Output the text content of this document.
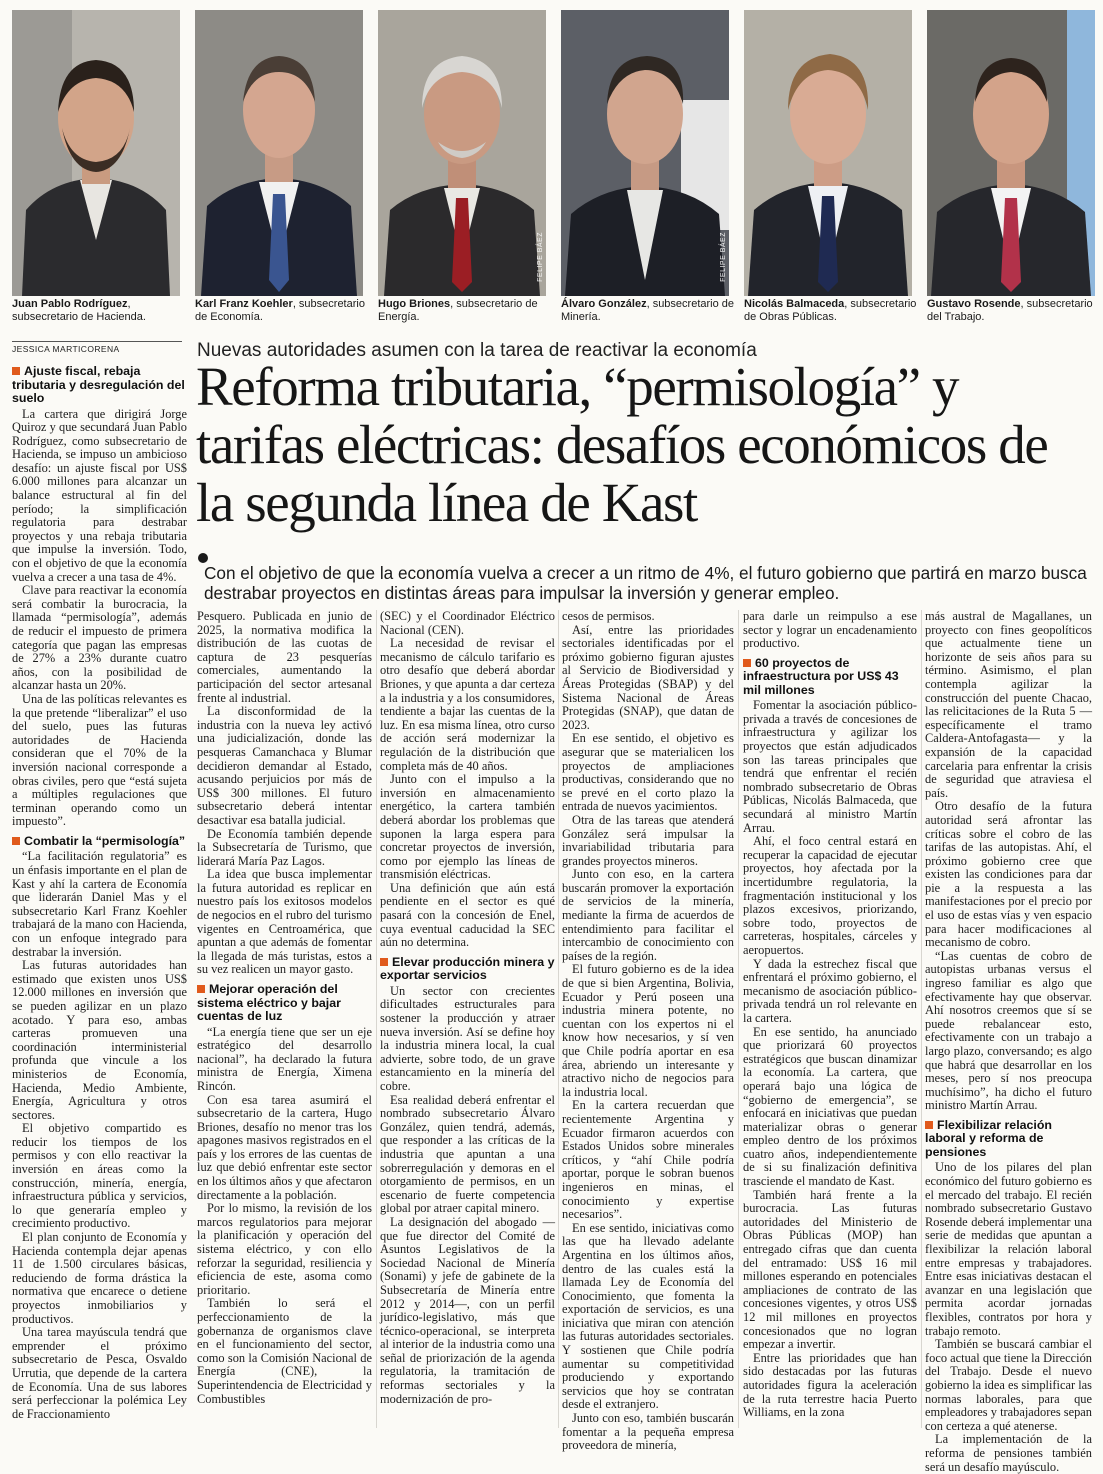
FELIPE BÁEZ	FELIPE BÁEZ
Juan Pablo Rodríguez, subsecretario de Hacienda.
Karl Franz Koehler, subsecretario de Economía.
Hugo Briones, subsecretario de Energía.
Álvaro González, subsecretario de Minería.
Nicolás Balmaceda, subsecretario de Obras Públicas.
Gustavo Rosende, subsecretario del Trabajo.
JESSICA MARTICORENA	Nuevas autoridades asumen con la tarea de reactivar la economía
Reforma tributaria, “permisología” y tarifas eléctricas: desafíos económicos de la segunda línea de Kast
Con el objetivo de que la economía vuelva a crecer a un ritmo de 4%, el futuro gobierno que partirá en marzo busca destrabar proyectos en distintas áreas para impulsar la inversión y generar empleo.
Ajuste fiscal, rebaja tributaria y desregulación del suelo

La cartera que dirigirá Jorge Quiroz y que secundará Juan Pablo Rodríguez, como subsecretario de Hacienda, se impuso un ambicioso desafío: un ajuste fiscal por US$ 6.000 millones para alcanzar un balance estructural al fin del período; la simplificación regulatoria para destrabar proyectos y una rebaja tributaria que impulse la inversión. Todo, con el objetivo de que la economía vuelva a crecer a una tasa de 4%.

Clave para reactivar la economía será combatir la burocracia, la llamada “permisología”, además de reducir el impuesto de primera categoría que pagan las empresas de 27% a 23% durante cuatro años, con la posibilidad de alcanzar hasta un 20%.

Una de las políticas relevantes es la que pretende “liberalizar” el uso del suelo, pues las futuras autoridades de Hacienda consideran que el 70% de la inversión nacional corresponde a obras civiles, pero que “está sujeta a múltiples regulaciones que terminan operando como un impuesto”.

Combatir la “permisología”

“La facilitación regulatoria” es un énfasis importante en el plan de Kast y ahí la cartera de Economía que liderarán Daniel Mas y el subsecretario Karl Franz Koehler trabajará de la mano con Hacienda, con un enfoque integrado para destrabar la inversión.

Las futuras autoridades han estimado que existen unos US$ 12.000 millones en inversión que se pueden agilizar en un plazo acotado. Y para eso, ambas carteras promueven una coordinación interministerial profunda que vincule a los ministerios de Economía, Hacienda, Medio Ambiente, Energía, Agricultura y otros sectores.

El objetivo compartido es reducir los tiempos de los permisos y con ello reactivar la inversión en áreas como la construcción, minería, energía, infraestructura pública y servicios, lo que generaría empleo y crecimiento productivo.

El plan conjunto de Economía y Hacienda contempla dejar apenas 11 de 1.500 circulares básicas, reduciendo de forma drástica la normativa que encarece o detiene proyectos inmobiliarios y productivos.

Una tarea mayúscula tendrá que emprender el próximo subsecretario de Pesca, Osvaldo Urrutia, que depende de la cartera de Economía. Una de sus labores será perfeccionar la polémica Ley de Fraccionamiento

Pesquero. Publicada en junio de 2025, la normativa modifica la distribución de las cuotas de captura de 23 pesquerías comerciales, aumentando la participación del sector artesanal frente al industrial.

La disconformidad de la industria con la nueva ley activó una judicialización, donde las pesqueras Camanchaca y Blumar decidieron demandar al Estado, acusando perjuicios por más de US$ 300 millones. El futuro subsecretario deberá intentar desactivar esa batalla judicial.

De Economía también depende la Subsecretaría de Turismo, que liderará María Paz Lagos.

La idea que busca implementar la futura autoridad es replicar en nuestro país los exitosos modelos de negocios en el rubro del turismo vigentes en Centroamérica, que apuntan a que además de fomentar la llegada de más turistas, estos a su vez realicen un mayor gasto.

Mejorar operación del sistema eléctrico y bajar cuentas de luz

“La energía tiene que ser un eje estratégico del desarrollo nacional”, ha declarado la futura ministra de Energía, Ximena Rincón.

Con esa tarea asumirá el subsecretario de la cartera, Hugo Briones, desafío no menor tras los apagones masivos registrados en el país y los errores de las cuentas de luz que debió enfrentar este sector en los últimos años y que afectaron directamente a la población.

Por lo mismo, la revisión de los marcos regulatorios para mejorar la planificación y operación del sistema eléctrico, y con ello reforzar la seguridad, resiliencia y eficiencia de este, asoma como prioritario.

También lo será el perfeccionamiento de la gobernanza de organismos clave en el funcionamiento del sector, como son la Comisión Nacional de Energía (CNE), la Superintendencia de Electricidad y Combustibles

(SEC) y el Coordinador Eléctrico Nacional (CEN).

La necesidad de revisar el mecanismo de cálculo tarifario es otro desafío que deberá abordar Briones, y que apunta a dar certeza a la industria y a los consumidores, tendiente a bajar las cuentas de la luz. En esa misma línea, otro curso de acción será modernizar la regulación de la distribución que completa más de 40 años.

Junto con el impulso a la inversión en almacenamiento energético, la cartera también deberá abordar los problemas que suponen la larga espera para concretar proyectos de inversión, como por ejemplo las líneas de transmisión eléctricas.

Una definición que aún está pendiente en el sector es qué pasará con la concesión de Enel, cuya eventual caducidad la SEC aún no determina.

Elevar producción minera y exportar servicios

Un sector con crecientes dificultades estructurales para sostener la producción y atraer nueva inversión. Así se define hoy la industria minera local, la cual advierte, sobre todo, de un grave estancamiento en la minería del cobre.

Esa realidad deberá enfrentar el nombrado subsecretario Álvaro González, quien tendrá, además, que responder a las críticas de la industria que apuntan a una sobrerregulación y demoras en el otorgamiento de permisos, en un escenario de fuerte competencia global por atraer capital minero.

La designación del abogado —que fue director del Comité de Asuntos Legislativos de la Sociedad Nacional de Minería (Sonami) y jefe de gabinete de la Subsecretaría de Minería entre 2012 y 2014—, con un perfil jurídico-legislativo, más que técnico-operacional, se interpreta al interior de la industria como una señal de priorización de la agenda regulatoria, la tramitación de reformas sectoriales y la modernización de pro-

cesos de permisos.

Así, entre las prioridades sectoriales identificadas por el próximo gobierno figuran ajustes al Servicio de Biodiversidad y Áreas Protegidas (SBAP) y del Sistema Nacional de Áreas Protegidas (SNAP), que datan de 2023.

En ese sentido, el objetivo es asegurar que se materialicen los proyectos de ampliaciones productivas, considerando que no se prevé en el corto plazo la entrada de nuevos yacimientos.

Otra de las tareas que atenderá González será impulsar la invariabilidad tributaria para grandes proyectos mineros.

Junto con eso, en la cartera buscarán promover la exportación de servicios de la minería, mediante la firma de acuerdos de entendimiento para facilitar el intercambio de conocimiento con países de la región.

El futuro gobierno es de la idea de que si bien Argentina, Bolivia, Ecuador y Perú poseen una industria minera potente, no cuentan con los expertos ni el know how necesarios, y sí ven que Chile podría aportar en esa área, abriendo un interesante y atractivo nicho de negocios para la industria local.

En la cartera recuerdan que recientemente Argentina y Ecuador firmaron acuerdos con Estados Unidos sobre minerales críticos, y “ahí Chile podría aportar, porque le sobran buenos ingenieros en minas, el conocimiento y expertise necesarios”.

En ese sentido, iniciativas como las que ha llevado adelante Argentina en los últimos años, dentro de las cuales está la llamada Ley de Economía del Conocimiento, que fomenta la exportación de servicios, es una iniciativa que miran con atención las futuras autoridades sectoriales. Y sostienen que Chile podría aumentar su competitividad produciendo y exportando servicios que hoy se contratan desde el extranjero.

Junto con eso, también buscarán fomentar a la pequeña empresa proveedora de minería,

para darle un reimpulso a ese sector y lograr un encadenamiento productivo.

60 proyectos de infraestructura por US$ 43 mil millones

Fomentar la asociación público-privada a través de concesiones de infraestructura y agilizar los proyectos que están adjudicados son las tareas principales que tendrá que enfrentar el recién nombrado subsecretario de Obras Públicas, Nicolás Balmaceda, que secundará al ministro Martín Arrau.

Ahí, el foco central estará en recuperar la capacidad de ejecutar proyectos, hoy afectada por la incertidumbre regulatoria, la fragmentación institucional y los plazos excesivos, priorizando, sobre todo, proyectos de carreteras, hospitales, cárceles y aeropuertos.

Y dada la estrechez fiscal que enfrentará el próximo gobierno, el mecanismo de asociación público-privada tendrá un rol relevante en la cartera.

En ese sentido, ha anunciado que priorizará 60 proyectos estratégicos que buscan dinamizar la economía. La cartera, que operará bajo una lógica de “gobierno de emergencia”, se enfocará en iniciativas que puedan materializar obras o generar empleo dentro de los próximos cuatro años, independientemente de si su finalización definitiva trasciende el mandato de Kast.

También hará frente a la burocracia. Las futuras autoridades del Ministerio de Obras Públicas (MOP) han entregado cifras que dan cuenta del entramado: US$ 16 mil millones esperando en potenciales ampliaciones de contrato de las concesiones vigentes, y otros US$ 12 mil millones en proyectos concesionados que no logran empezar a invertir.

Entre las prioridades que han sido destacadas por las futuras autoridades figura la aceleración de la ruta terrestre hacia Puerto Williams, en la zona

más austral de Magallanes, un proyecto con fines geopolíticos que actualmente tiene un horizonte de seis años para su término. Asimismo, el plan contempla agilizar la construcción del puente Chacao, las relicitaciones de la Ruta 5 —específicamente el tramo Caldera-Antofagasta— y la expansión de la capacidad carcelaria para enfrentar la crisis de seguridad que atraviesa el país.

Otro desafío de la futura autoridad será afrontar las críticas sobre el cobro de las tarifas de las autopistas. Ahí, el próximo gobierno cree que existen las condiciones para dar pie a la respuesta a las manifestaciones por el precio por el uso de estas vías y ven espacio para hacer modificaciones al mecanismo de cobro.

“Las cuentas de cobro de autopistas urbanas versus el ingreso familiar es algo que efectivamente hay que observar. Ahí nosotros creemos que sí se puede rebalancear esto, efectivamente con un trabajo a largo plazo, conversando; es algo que habrá que desarrollar en los meses, pero sí nos preocupa muchísimo”, ha dicho el futuro ministro Martín Arrau.

Flexibilizar relación laboral y reforma de pensiones

Uno de los pilares del plan económico del futuro gobierno es el mercado del trabajo. El recién nombrado subsecretario Gustavo Rosende deberá implementar una serie de medidas que apuntan a flexibilizar la relación laboral entre empresas y trabajadores. Entre esas iniciativas destacan el avanzar en una legislación que permita acordar jornadas flexibles, contratos por hora y trabajo remoto.

También se buscará cambiar el foco actual que tiene la Dirección del Trabajo. Desde el nuevo gobierno la idea es simplificar las normas laborales, para que empleadores y trabajadores sepan con certeza a qué atenerse.

La implementación de la reforma de pensiones también será un desafío mayúsculo.
